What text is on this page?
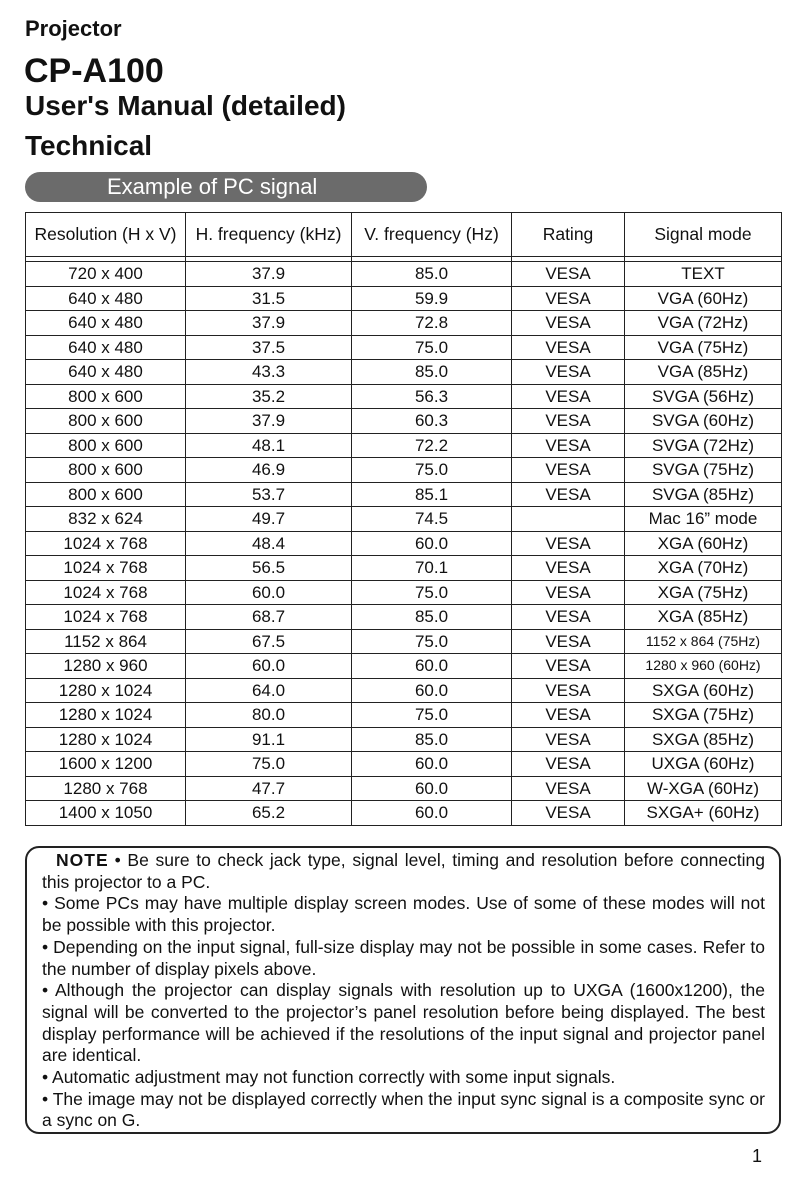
Projector
CP-A100
User's Manual (detailed)
Technical
Example of PC signal
Resolution (H x V)	H. frequency (kHz)	V. frequency (Hz)	Rating	Signal mode

720 x 400	37.9	85.0	VESA	TEXT
640 x 480	31.5	59.9	VESA	VGA (60Hz)
640 x 480	37.9	72.8	VESA	VGA (72Hz)
640 x 480	37.5	75.0	VESA	VGA (75Hz)
640 x 480	43.3	85.0	VESA	VGA (85Hz)
800 x 600	35.2	56.3	VESA	SVGA (56Hz)
800 x 600	37.9	60.3	VESA	SVGA (60Hz)
800 x 600	48.1	72.2	VESA	SVGA (72Hz)
800 x 600	46.9	75.0	VESA	SVGA (75Hz)
800 x 600	53.7	85.1	VESA	SVGA (85Hz)
832 x 624	49.7	74.5		Mac 16” mode
1024 x 768	48.4	60.0	VESA	XGA (60Hz)
1024 x 768	56.5	70.1	VESA	XGA (70Hz)
1024 x 768	60.0	75.0	VESA	XGA (75Hz)
1024 x 768	68.7	85.0	VESA	XGA (85Hz)
1152 x 864	67.5	75.0	VESA	1152 x 864 (75Hz)
1280 x 960	60.0	60.0	VESA	1280 x 960 (60Hz)
1280 x 1024	64.0	60.0	VESA	SXGA (60Hz)
1280 x 1024	80.0	75.0	VESA	SXGA (75Hz)
1280 x 1024	91.1	85.0	VESA	SXGA (85Hz)
1600 x 1200	75.0	60.0	VESA	UXGA (60Hz)
1280 x 768	47.7	60.0	VESA	W-XGA (60Hz)
1400 x 1050	65.2	60.0	VESA	SXGA+ (60Hz)

NOTE • Be sure to check jack type, signal level, timing and resolution before connecting this projector to a PC.

• Some PCs may have multiple display screen modes. Use of some of these modes will not be possible with this projector.

• Depending on the input signal, full-size display may not be possible in some cases. Refer to the number of display pixels above.

• Although the projector can display signals with resolution up to UXGA (1600x1200), the signal will be converted to the projector’s panel resolution before being displayed. The best display performance will be achieved if the resolutions of the input signal and projector panel are identical.

• Automatic adjustment may not function correctly with some input signals.

• The image may not be displayed correctly when the input sync signal is a composite sync or a sync on G.

1
